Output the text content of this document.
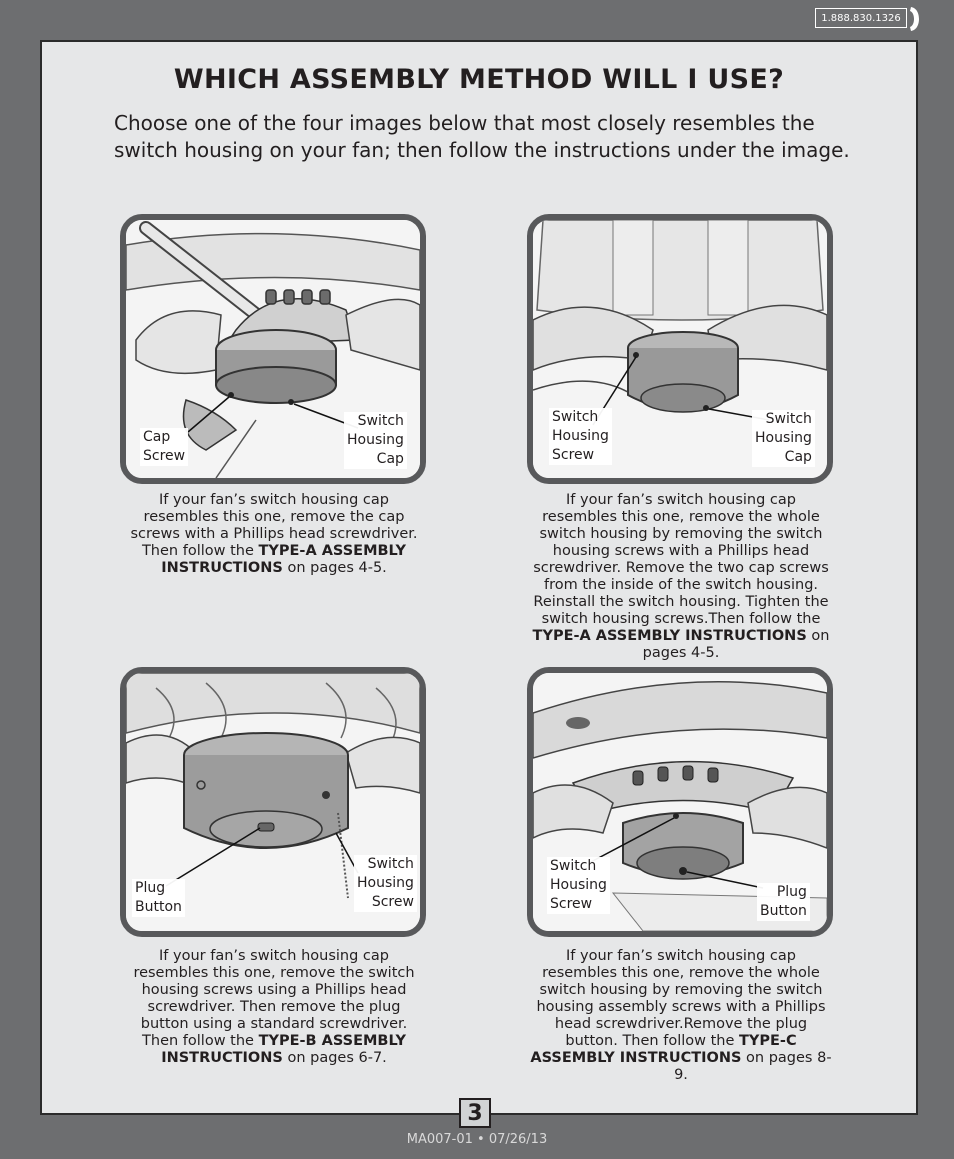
1.888.830.1326
WHICH ASSEMBLY METHOD WILL I USE?

Choose one of the four images below that most closely resembles the switch housing on your fan; then follow the instructions under the image.

Cap
Screw
Switch
Housing
Cap
If your fan’s switch housing cap resembles this one, remove the cap screws with a Phillips head screwdriver. Then follow the TYPE-A ASSEMBLY INSTRUCTIONS on pages 4-5.
Switch
Housing
Screw
Switch
Housing
Cap
If your fan’s switch housing cap resembles this one, remove the whole switch housing by removing the switch housing screws with a Phillips head screwdriver. Remove the two cap screws from the inside of the switch housing. Reinstall the switch housing. Tighten the switch housing screws.Then follow the TYPE-A ASSEMBLY INSTRUCTIONS on pages 4-5.
Plug
Button
Switch
Housing
Screw
If your fan’s switch housing cap resembles this one, remove the switch housing screws using a Phillips head screwdriver. Then remove the plug button using a standard screwdriver. Then follow the TYPE-B ASSEMBLY INSTRUCTIONS on pages 6-7.
Switch
Housing
Screw
Plug
Button
If your fan’s switch housing cap resembles this one, remove the whole switch housing by removing the switch housing assembly screws with a Phillips head screwdriver.Remove the plug button. Then follow the TYPE-C ASSEMBLY INSTRUCTIONS on pages 8-9.
3
MA007-01 • 07/26/13
